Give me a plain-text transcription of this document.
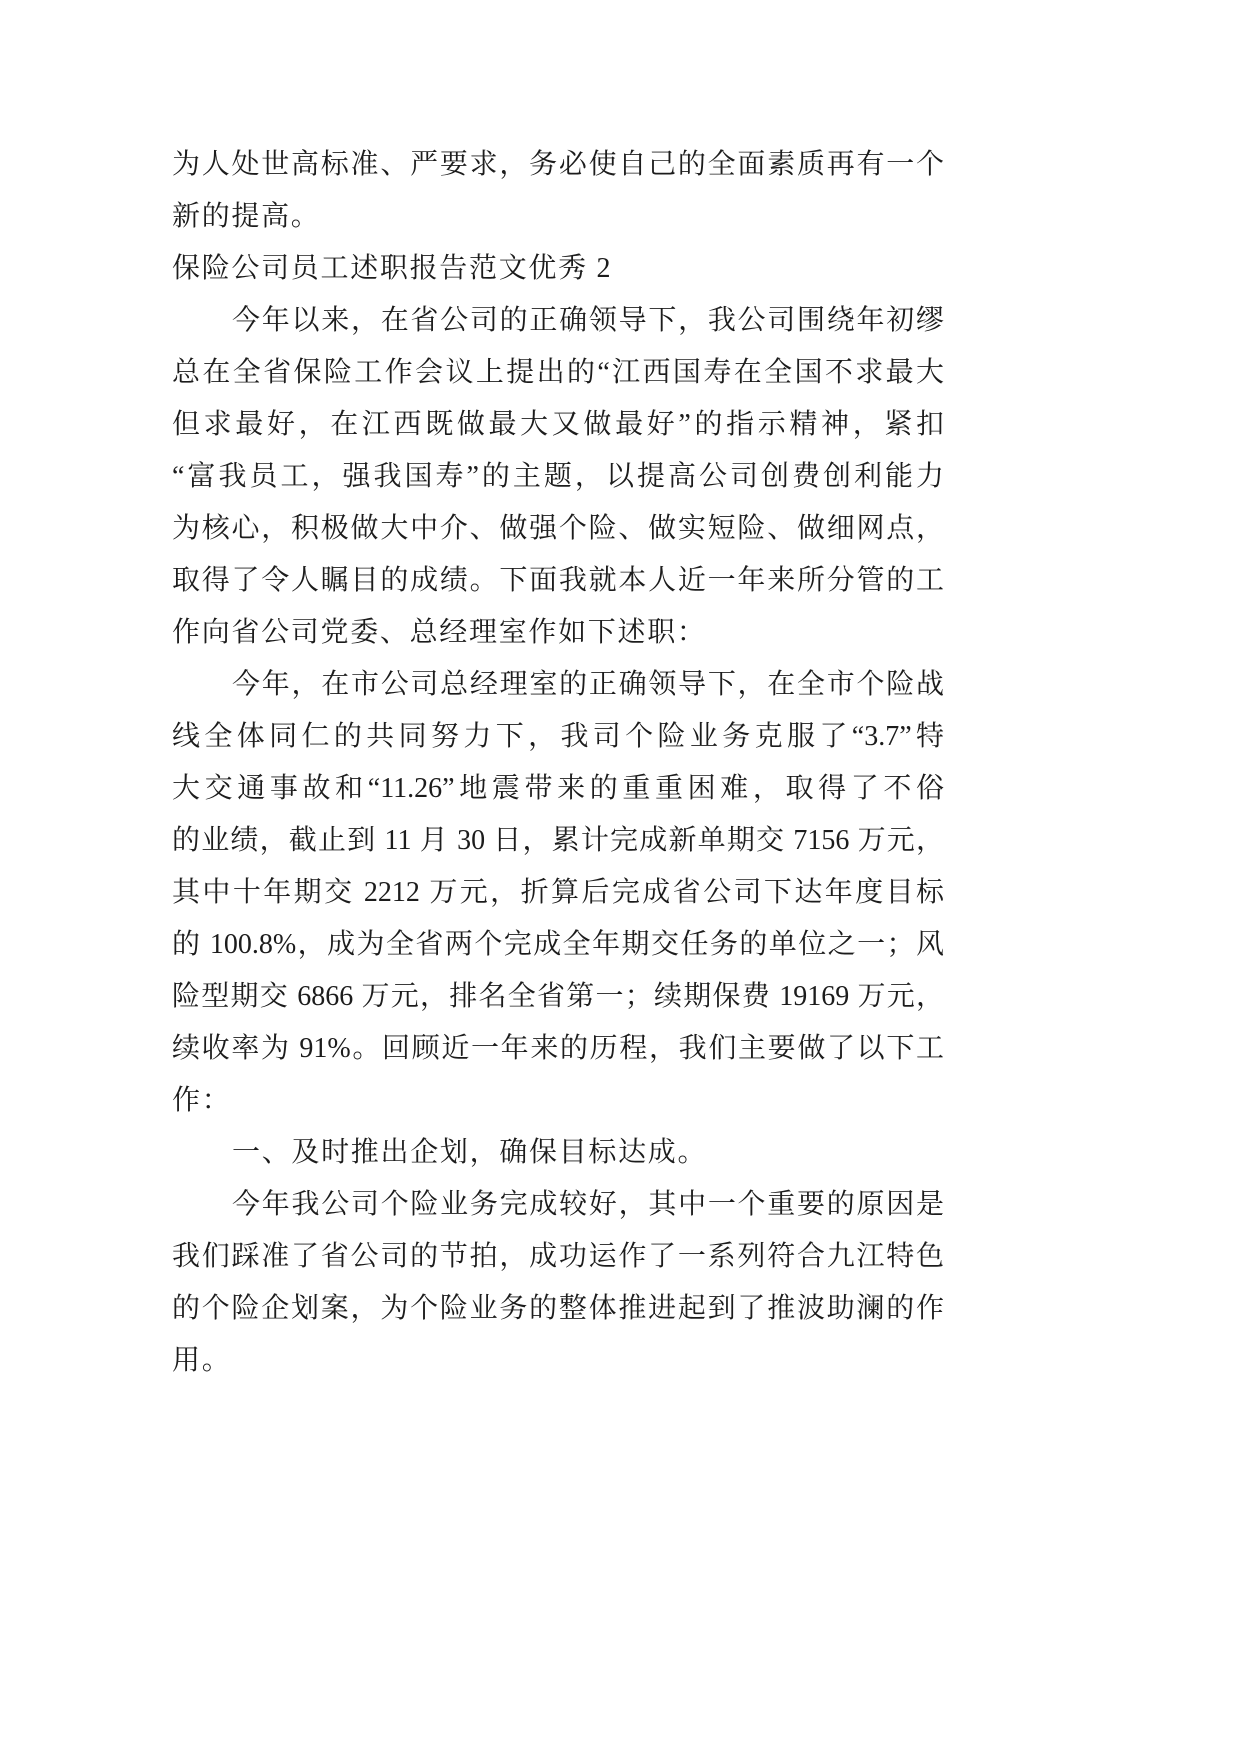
为人处世高标准、严要求，务必使自己的全面素质再有一个
新的提高。
保险公司员工述职报告范文优秀 2
今年以来，在省公司的正确领导下，我公司围绕年初缪
总在全省保险工作会议上提出的“江西国寿在全国不求最大
但求最好，在江西既做最大又做最好”的指示精神，紧扣
“富我员工，强我国寿”的主题，以提高公司创费创利能力
为核心，积极做大中介、做强个险、做实短险、做细网点，
取得了令人瞩目的成绩。下面我就本人近一年来所分管的工
作向省公司党委、总经理室作如下述职：
今年，在市公司总经理室的正确领导下，在全市个险战
线全体同仁的共同努力下，我司个险业务克服了“3.7”特
大交通事故和“11.26”地震带来的重重困难，取得了不俗
的业绩，截止到 11 月 30 日，累计完成新单期交 7156 万元，
其中十年期交 2212 万元，折算后完成省公司下达年度目标
的 100.8%，成为全省两个完成全年期交任务的单位之一；风
险型期交 6866 万元，排名全省第一；续期保费 19169 万元，
续收率为 91%。回顾近一年来的历程，我们主要做了以下工
作：
一、及时推出企划，确保目标达成。
今年我公司个险业务完成较好，其中一个重要的原因是
我们踩准了省公司的节拍，成功运作了一系列符合九江特色
的个险企划案，为个险业务的整体推进起到了推波助澜的作
用。
